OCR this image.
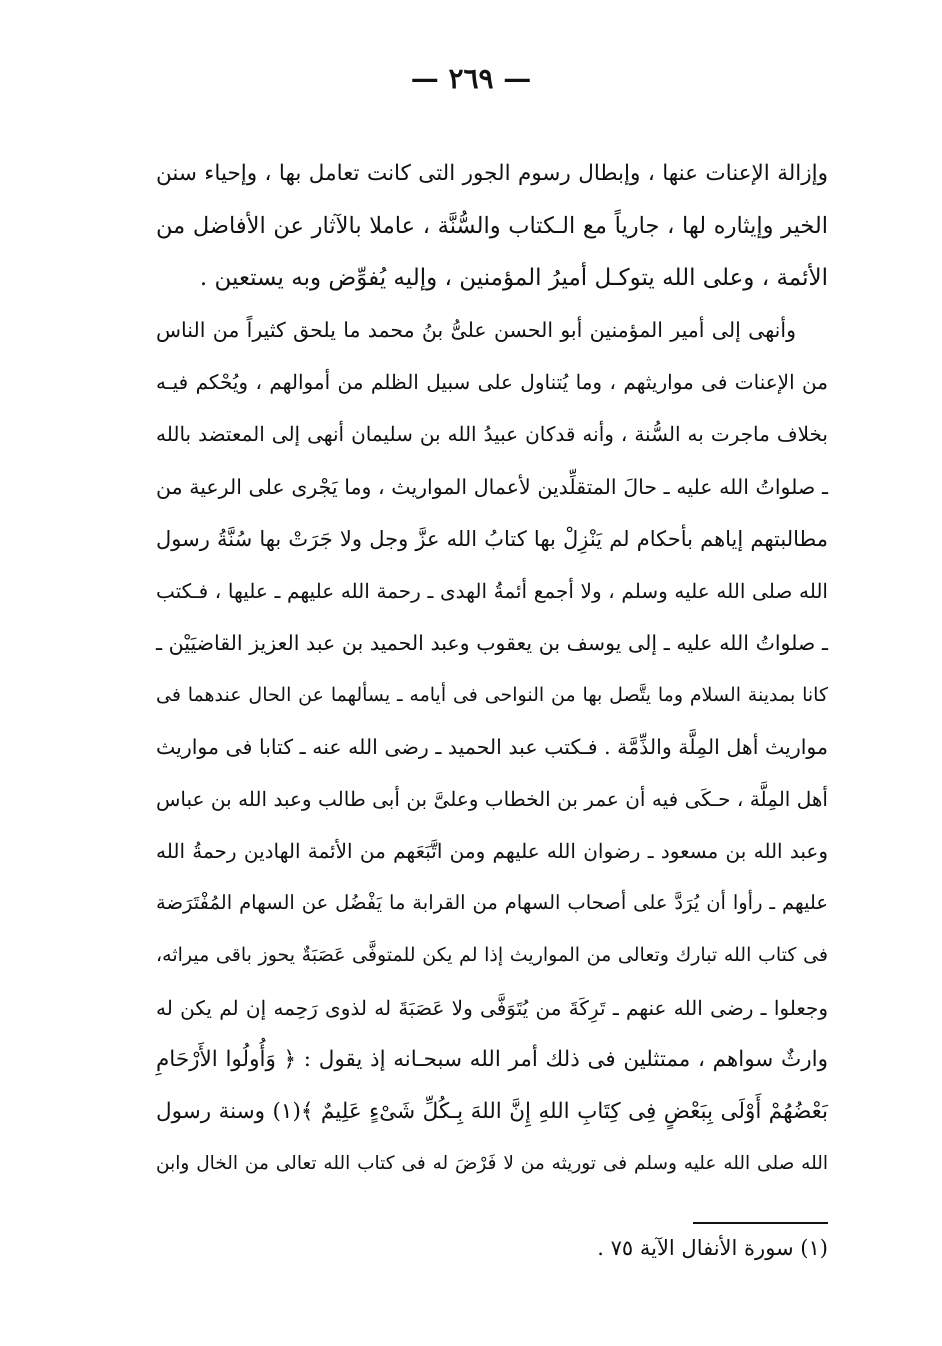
— ٢٦٩ —
وإزالة الإعنات عنها ، وإبطال رسوم الجور التى كانت تعامل بها ، وإحياء سنن
الخير وإيثاره لها ، جارياً مع الـكتاب والسُّنَّة ، عاملا بالآثار عن الأفاضل من
الأئمة ، وعلى الله يتوكـل أميرُ المؤمنين ، وإليه يُفوِّض وبه يستعين .
وأنهى إلى أمير المؤمنين أبو الحسن علىُّ بنُ محمد ما يلحق كثيراً من الناس
من الإعنات فى مواريثهم ، وما يُتناول على سبيل الظلم من أموالهم ، ويُحْكم فيـه
بخلاف ماجرت به السُّنة ، وأنه قدكان عبيدُ الله بن سليمان أنهى إلى المعتضد بالله
ـ صلواتُ الله عليه ـ حالَ المتقلِّدين لأعمال المواريث ، وما يَجْرى على الرعية من
مطالبتهم إياهم بأحكام لم يَنْزِلْ بها كتابُ الله عزَّ وجل ولا جَرَتْ بها سُنَّةُ رسول
الله صلى الله عليه وسلم ، ولا أجمع أئمةُ الهدى ـ رحمة الله عليهم ـ عليها ، فـكتب
ـ صلواتُ الله عليه ـ إلى يوسف بن يعقوب وعبد الحميد بن عبد العزيز القاضيَيْن ـ
كانا بمدينة السلام وما يتَّصل بها من النواحى فى أيامه ـ يسألهما عن الحال عندهما فى
مواريث أهل المِلَّة والذِّمَّة . فـكتب عبد الحميد ـ رضى الله عنه ـ كتابا فى مواريث
أهل المِلَّة ، حـكَى فيه أن عمر بن الخطاب وعلىَّ بن أبى طالب وعبد الله بن عباس
وعبد الله بن مسعود ـ رضوان الله عليهم ومن اتَّبَعَهم من الأئمة الهادين رحمةُ الله
عليهم ـ رأوا أن يُرَدَّ على أصحاب السهام من القرابة ما يَفْضُل عن السهام المُفْتَرَضة
فى كتاب الله تبارك وتعالى من المواريث إذا لم يكن للمتوفَّى عَصَبَةٌ يحوز باقى ميراثه،
وجعلوا ـ رضى الله عنهم ـ تَرِكَةَ من يُتَوَفَّى ولا عَصَبَةَ له لذوى رَحِمه إن لم يكن له
وارثٌ سواهم ، ممتثلين فى ذلك أمر الله سبحـانه إذ يقول : ﴿ وَأُولُوا الأَرْحَامِ
بَعْضُهُمْ أَوْلَى بِبَعْضٍ فِى كِتَابِ اللهِ إِنَّ اللهَ بِـكُلِّ شَىْءٍ عَلِيمٌ ﴾(١) وسنة رسول
الله صلى الله عليه وسلم فى توريثه من لا فَرْضَ له فى كتاب الله تعالى من الخال وابن
(١) سورة الأنفال الآية ٧٥ .
